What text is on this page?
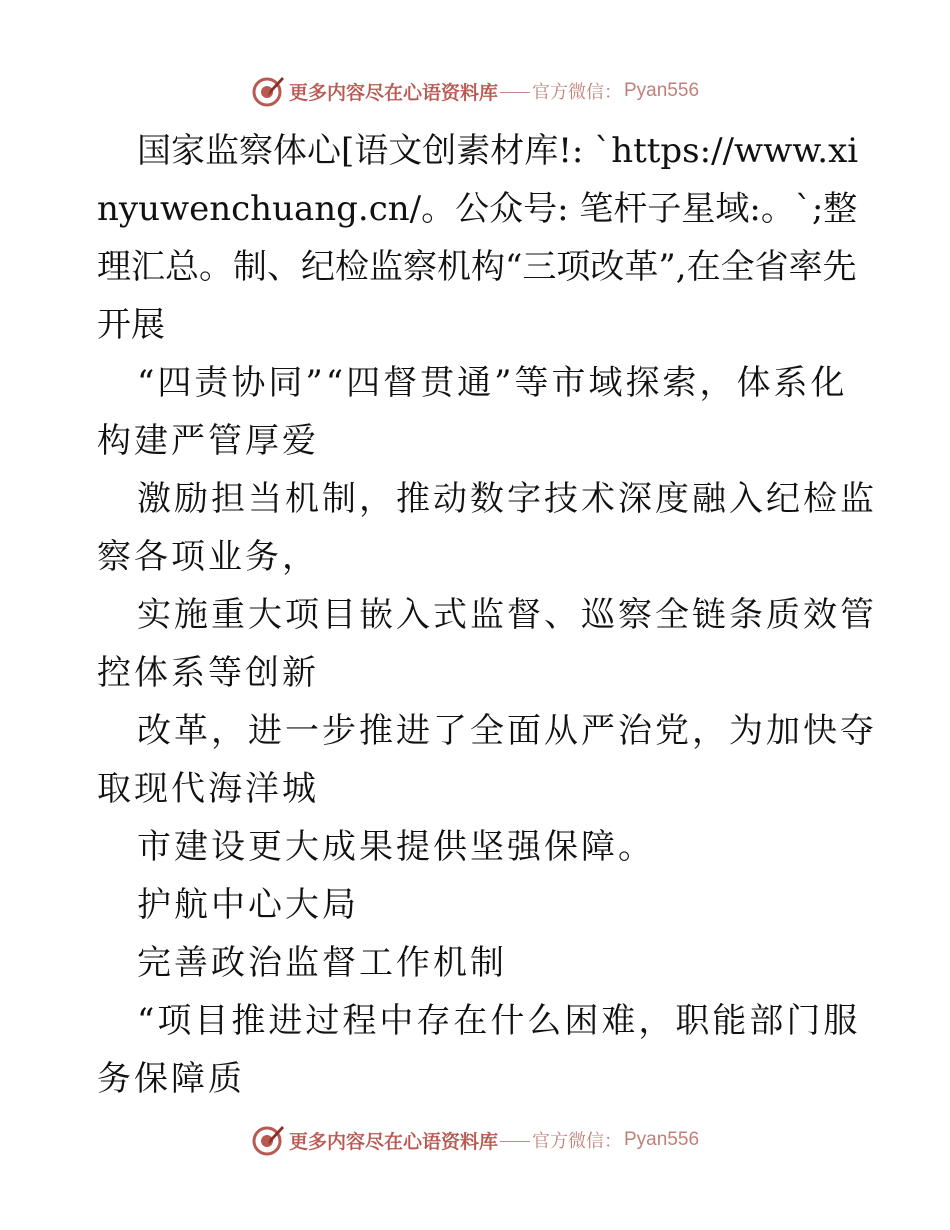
更多内容尽在心语资料库 官方微信： Pyan556

国家监察体心[语文创素材库!: `https://www.xinyuwenchuang.cn/。公众号: 笔杆子星域:。`;整理汇总。制、纪检监察机构“三项改革”,在全省率先开展

“四责协同”“四督贯通”等市域探索，体系化构建严管厚爱

激励担当机制，推动数字技术深度融入纪检监察各项业务，

实施重大项目嵌入式监督、巡察全链条质效管控体系等创新

改革，进一步推进了全面从严治党，为加快夺取现代海洋城

市建设更大成果提供坚强保障。

护航中心大局

完善政治监督工作机制

“项目推进过程中存在什么困难，职能部门服务保障质

更多内容尽在心语资料库 官方微信： Pyan556
